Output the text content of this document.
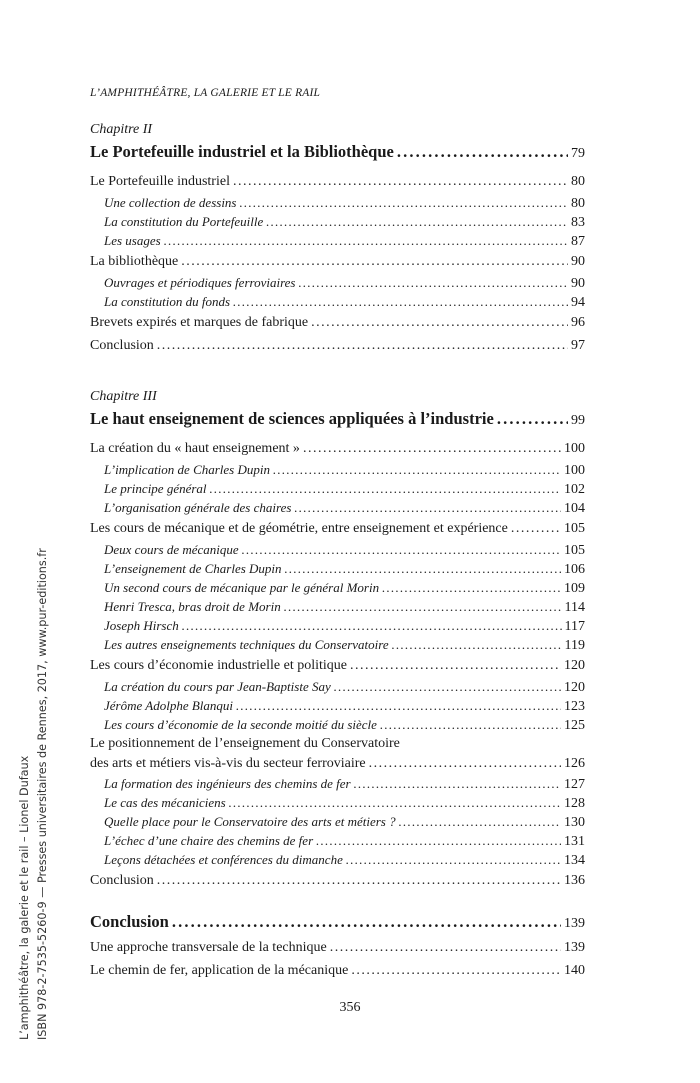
L’AMPHITHÉÂTRE, LA GALERIE ET LE RAIL
Chapitre II
Le Portefeuille industriel et la Bibliothèque . . .	79
Le Portefeuille industriel . . .	80
Une collection de dessins . . .	80
La constitution du Portefeuille . . .	83
Les usages . . .	87
La bibliothèque . . .	90
Ouvrages et périodiques ferroviaires . . .	90
La constitution du fonds . . .	94
Brevets expirés et marques de fabrique . . .	96
Conclusion . . .	97
Chapitre III
Le haut enseignement de sciences appliquées à l’industrie . . .	99
La création du « haut enseignement » . . .	100
L’implication de Charles Dupin . . .	100
Le principe général . . .	102
L’organisation générale des chaires . . .	104
Les cours de mécanique et de géométrie, entre enseignement et expérience . . .	105
Deux cours de mécanique . . .	105
L’enseignement de Charles Dupin . . .	106
Un second cours de mécanique par le général Morin . . .	109
Henri Tresca, bras droit de Morin . . .	114
Joseph Hirsch . . .	117
Les autres enseignements techniques du Conservatoire . . .	119
Les cours d’économie industrielle et politique . . .	120
La création du cours par Jean-Baptiste Say . . .	120
Jérôme Adolphe Blanqui . . .	123
Les cours d’économie de la seconde moitié du siècle . . .	125
Le positionnement de l’enseignement du Conservatoire
des arts et métiers vis-à-vis du secteur ferroviaire . . .	126
La formation des ingénieurs des chemins de fer . . .	127
Le cas des mécaniciens . . .	128
Quelle place pour le Conservatoire des arts et métiers ? . . .	130
L’échec d’une chaire des chemins de fer . . .	131
Leçons détachées et conférences du dimanche . . .	134
Conclusion . . .	136
Conclusion . . .	139
Une approche transversale de la technique . . .	139
Le chemin de fer, application de la mécanique . . .	140
356
L’amphithéâtre, la galerie et le rail – Lionel Dufaux ISBN 978-2-7535-5260-9 — Presses universitaires de Rennes, 2017, www.pur-editions.fr
